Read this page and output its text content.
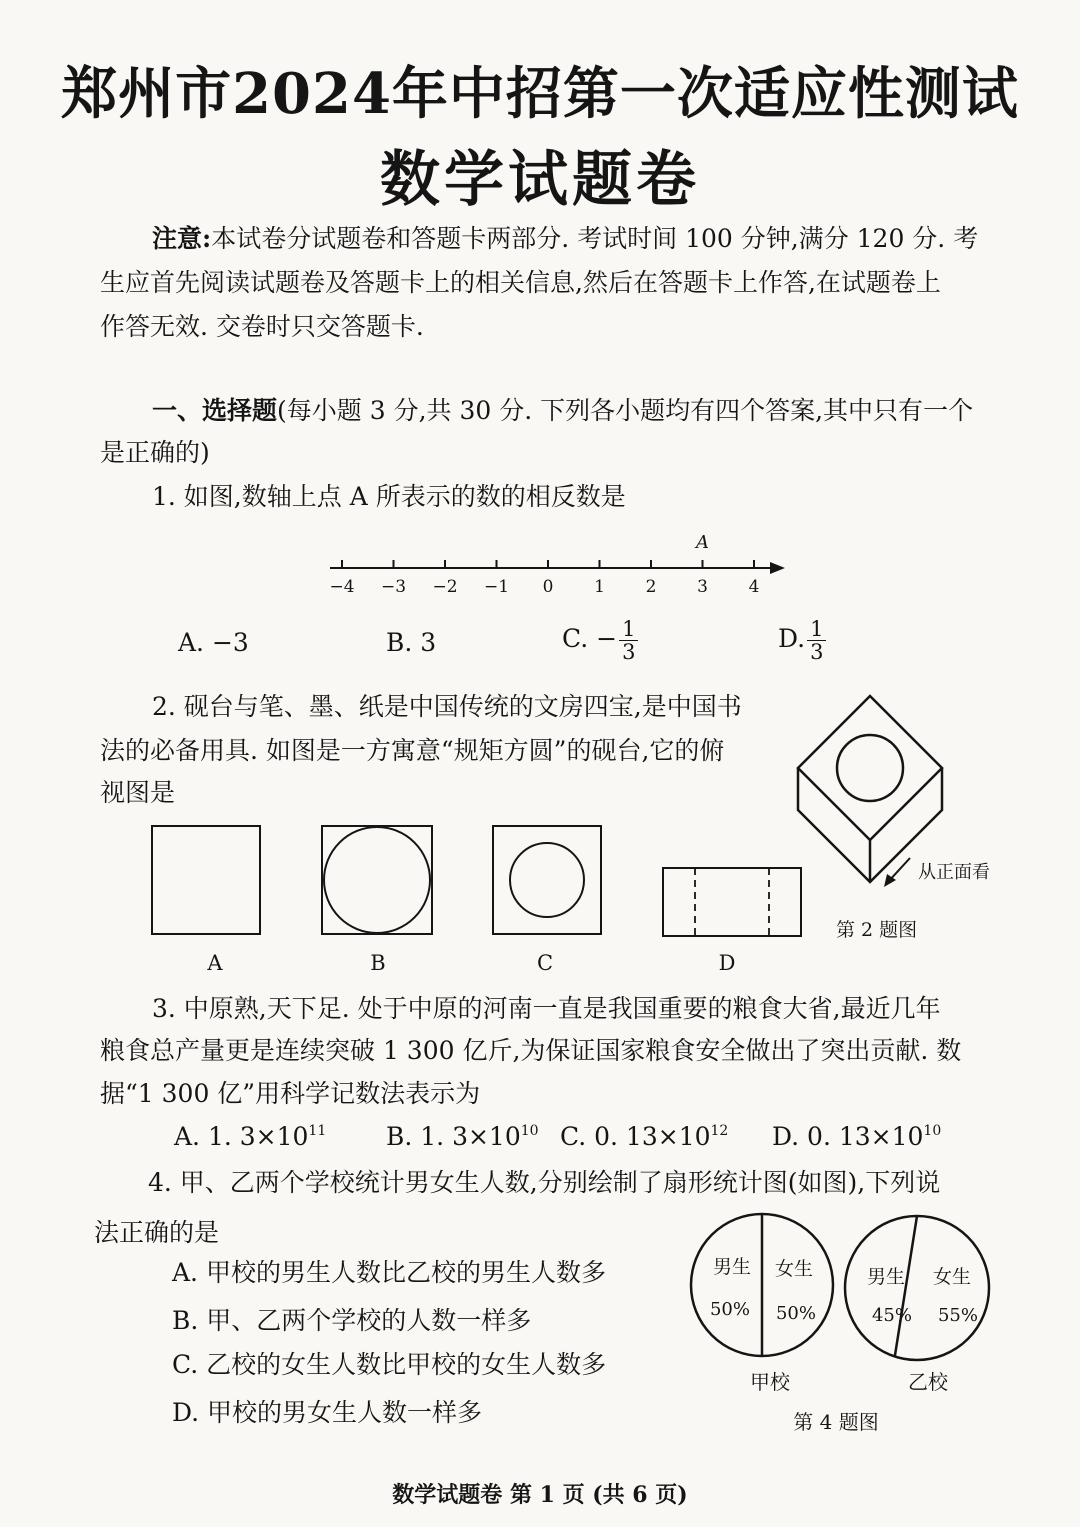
郑州市2024年中招第一次适应性测试
数学试题卷
注意:本试卷分试题卷和答题卡两部分. 考试时间 100 分钟,满分 120 分. 考
生应首先阅读试题卷及答题卡上的相关信息,然后在答题卡上作答,在试题卷上
作答无效. 交卷时只交答题卡.
一、选择题(每小题 3 分,共 30 分. 下列各小题均有四个答案,其中只有一个
是正确的)
1. 如图,数轴上点 A 所表示的数的相反数是
−4 −3 −2 −1 0 1 2 3 4
A
A. −3	B. 3	C. − $\frac{1}{3}$	D. $\frac{1}{3}$
2. 砚台与笔、墨、纸是中国传统的文房四宝,是中国书
法的必备用具. 如图是一方寓意“规矩方圆”的砚台,它的俯
视图是
从正面看
第 2 题图
A	B	C	D
3. 中原熟,天下足. 处于中原的河南一直是我国重要的粮食大省,最近几年
粮食总产量更是连续突破 1 300 亿斤,为保证国家粮食安全做出了突出贡献. 数
据“1 300 亿”用科学记数法表示为
A. 1. $3\times 10^{11}$ B. 1. $3\times 10^{10}$ C. 0. $13\times 10^{12}$ D. 0. $13\times 10^{10}$
4. 甲、乙两个学校统计男女生人数,分别绘制了扇形统计图(如图),下列说
法正确的是
A. 甲校的男生人数比乙校的男生人数多
B. 甲、乙两个学校的人数一样多
C. 乙校的女生人数比甲校的女生人数多
D. 甲校的男女生人数一样多
男生
50%
女生
50%
甲校
男生
45%
女生
55%
乙校
第 4 题图
数学试题卷 第 1 页 (共 6 页)
